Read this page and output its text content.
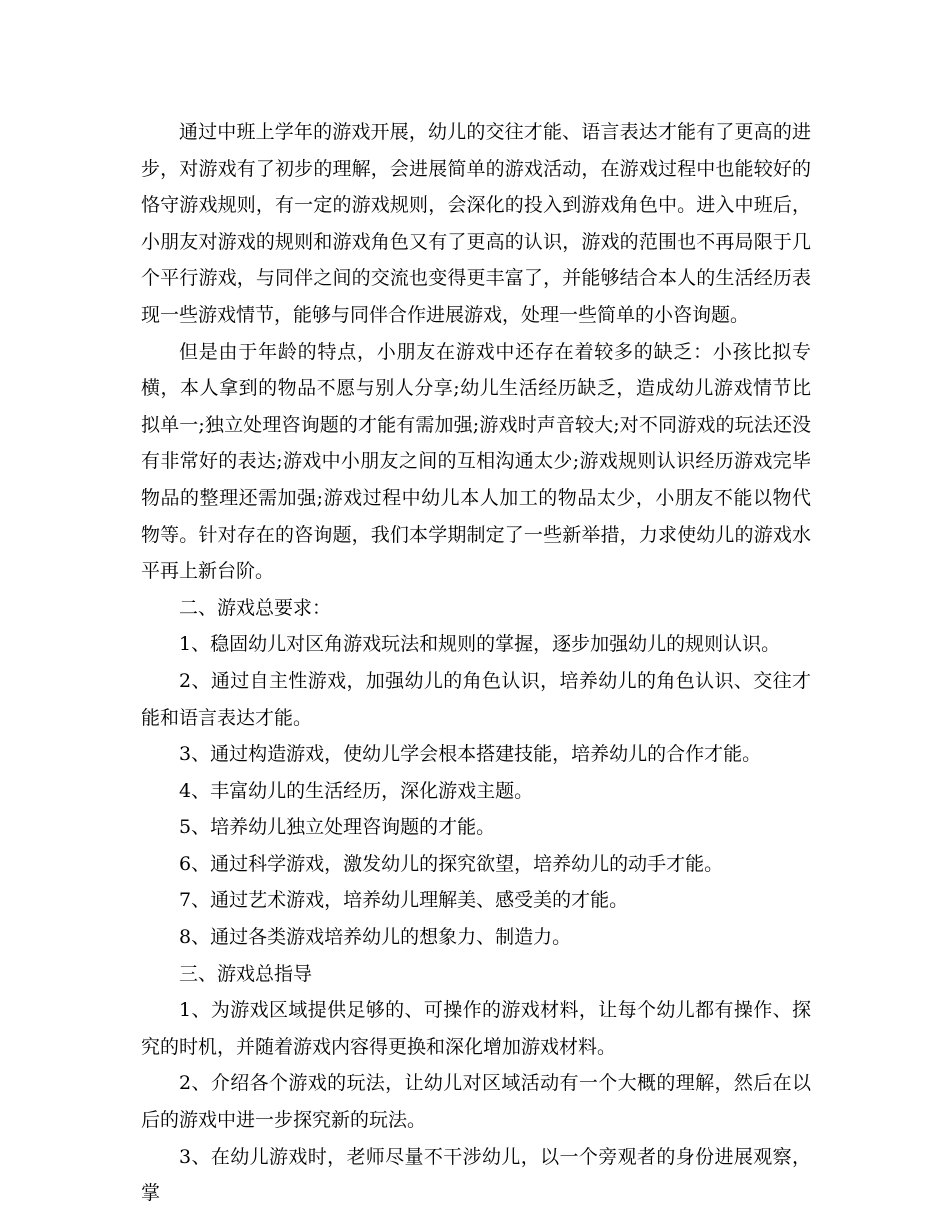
通过中班上学年的游戏开展，幼儿的交往才能、语言表达才能有了更高的进步，对游戏有了初步的理解，会进展简单的游戏活动，在游戏过程中也能较好的恪守游戏规则，有一定的游戏规则，会深化的投入到游戏角色中。进入中班后，小朋友对游戏的规则和游戏角色又有了更高的认识，游戏的范围也不再局限于几个平行游戏，与同伴之间的交流也变得更丰富了，并能够结合本人的生活经历表现一些游戏情节，能够与同伴合作进展游戏，处理一些简单的小咨询题。

但是由于年龄的特点，小朋友在游戏中还存在着较多的缺乏：小孩比拟专横，本人拿到的物品不愿与别人分享;幼儿生活经历缺乏，造成幼儿游戏情节比拟单一;独立处理咨询题的才能有需加强;游戏时声音较大;对不同游戏的玩法还没有非常好的表达;游戏中小朋友之间的互相沟通太少;游戏规则认识经历游戏完毕物品的整理还需加强;游戏过程中幼儿本人加工的物品太少，小朋友不能以物代物等。针对存在的咨询题，我们本学期制定了一些新举措，力求使幼儿的游戏水平再上新台阶。

二、游戏总要求：

1、稳固幼儿对区角游戏玩法和规则的掌握，逐步加强幼儿的规则认识。

2、通过自主性游戏，加强幼儿的角色认识，培养幼儿的角色认识、交往才能和语言表达才能。

3、通过构造游戏，使幼儿学会根本搭建技能，培养幼儿的合作才能。

4、丰富幼儿的生活经历，深化游戏主题。

5、培养幼儿独立处理咨询题的才能。

6、通过科学游戏，激发幼儿的探究欲望，培养幼儿的动手才能。

7、通过艺术游戏，培养幼儿理解美、感受美的才能。

8、通过各类游戏培养幼儿的想象力、制造力。

三、游戏总指导

1、为游戏区域提供足够的、可操作的游戏材料，让每个幼儿都有操作、探究的时机，并随着游戏内容得更换和深化增加游戏材料。

2、介绍各个游戏的玩法，让幼儿对区域活动有一个大概的理解，然后在以后的游戏中进一步探究新的玩法。

3、在幼儿游戏时，老师尽量不干涉幼儿，以一个旁观者的身份进展观察，掌
